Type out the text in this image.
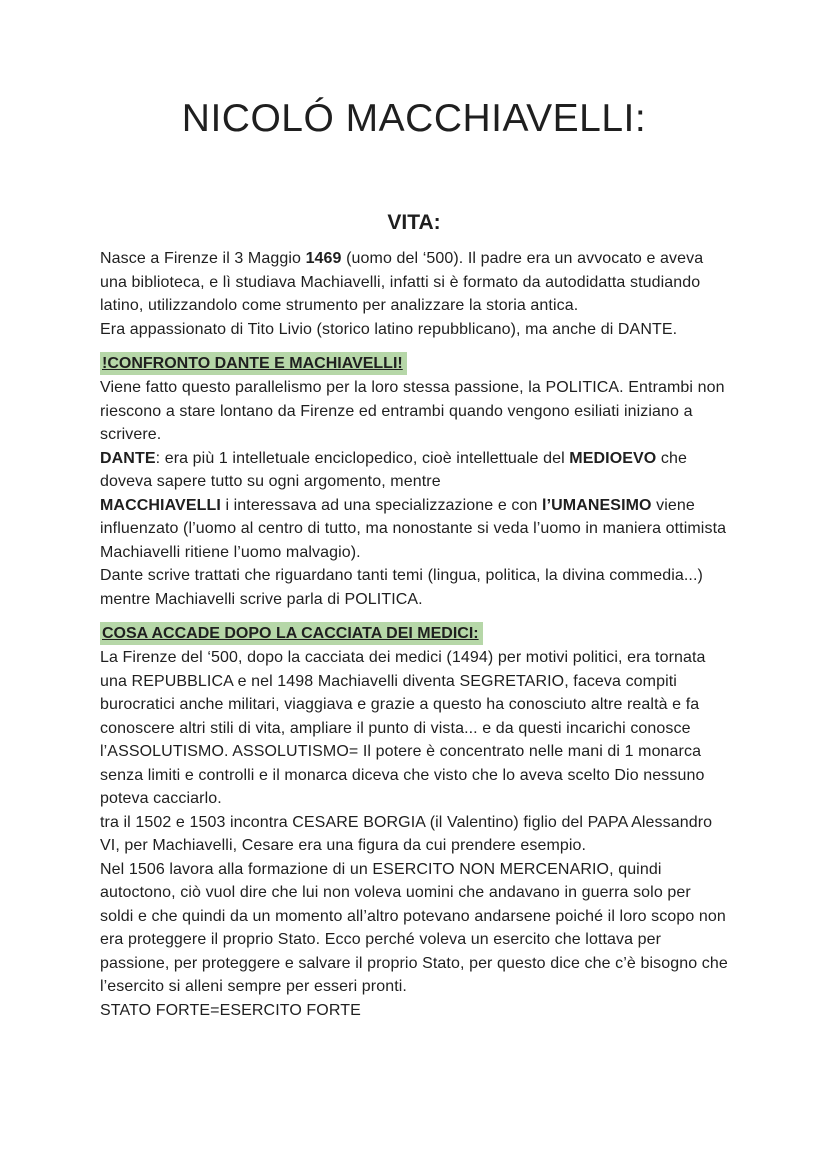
NICOLÓ MACCHIAVELLI:
VITA:

Nasce a Firenze il 3 Maggio 1469 (uomo del ‘500). Il padre era un avvocato e aveva una biblioteca, e lì studiava Machiavelli, infatti si è formato da autodidatta studiando latino, utilizzandolo come strumento per analizzare la storia antica.

Era appassionato di Tito Livio (storico latino repubblicano), ma anche di DANTE.

!CONFRONTO DANTE E MACHIAVELLI!

Viene fatto questo parallelismo per la loro stessa passione, la POLITICA. Entrambi non riescono a stare lontano da Firenze ed entrambi quando vengono esiliati iniziano a scrivere.

DANTE: era più 1 intelletuale enciclopedico, cioè intellettuale del MEDIOEVO che doveva sapere tutto su ogni argomento, mentre

MACCHIAVELLI i interessava ad una specializzazione e con l’UMANESIMO viene influenzato (l’uomo al centro di tutto, ma nonostante si veda l’uomo in maniera ottimista Machiavelli ritiene l’uomo malvagio).

Dante scrive trattati che riguardano tanti temi (lingua, politica, la divina commedia...) mentre Machiavelli scrive parla di POLITICA.

COSA ACCADE DOPO LA CACCIATA DEI MEDICI:

La Firenze del ‘500, dopo la cacciata dei medici (1494) per motivi politici, era tornata una REPUBBLICA e nel 1498 Machiavelli diventa SEGRETARIO, faceva compiti burocratici anche militari, viaggiava e grazie a questo ha conosciuto altre realtà e fa conoscere altri stili di vita, ampliare il punto di vista... e da questi incarichi conosce l’ASSOLUTISMO. ASSOLUTISMO= Il potere è concentrato nelle mani di 1 monarca senza limiti e controlli e il monarca diceva che visto che lo aveva scelto Dio nessuno poteva cacciarlo.

tra il 1502 e 1503 incontra CESARE BORGIA (il Valentino) figlio del PAPA Alessandro VI, per Machiavelli, Cesare era una figura da cui prendere esempio.

Nel 1506 lavora alla formazione di un ESERCITO NON MERCENARIO, quindi autoctono, ciò vuol dire che lui non voleva uomini che andavano in guerra solo per soldi e che quindi da un momento all’altro potevano andarsene poiché il loro scopo non era proteggere il proprio Stato. Ecco perché voleva un esercito che lottava per passione, per proteggere e salvare il proprio Stato, per questo dice che c’è bisogno che l’esercito si alleni sempre per esseri pronti.

STATO FORTE=ESERCITO FORTE
